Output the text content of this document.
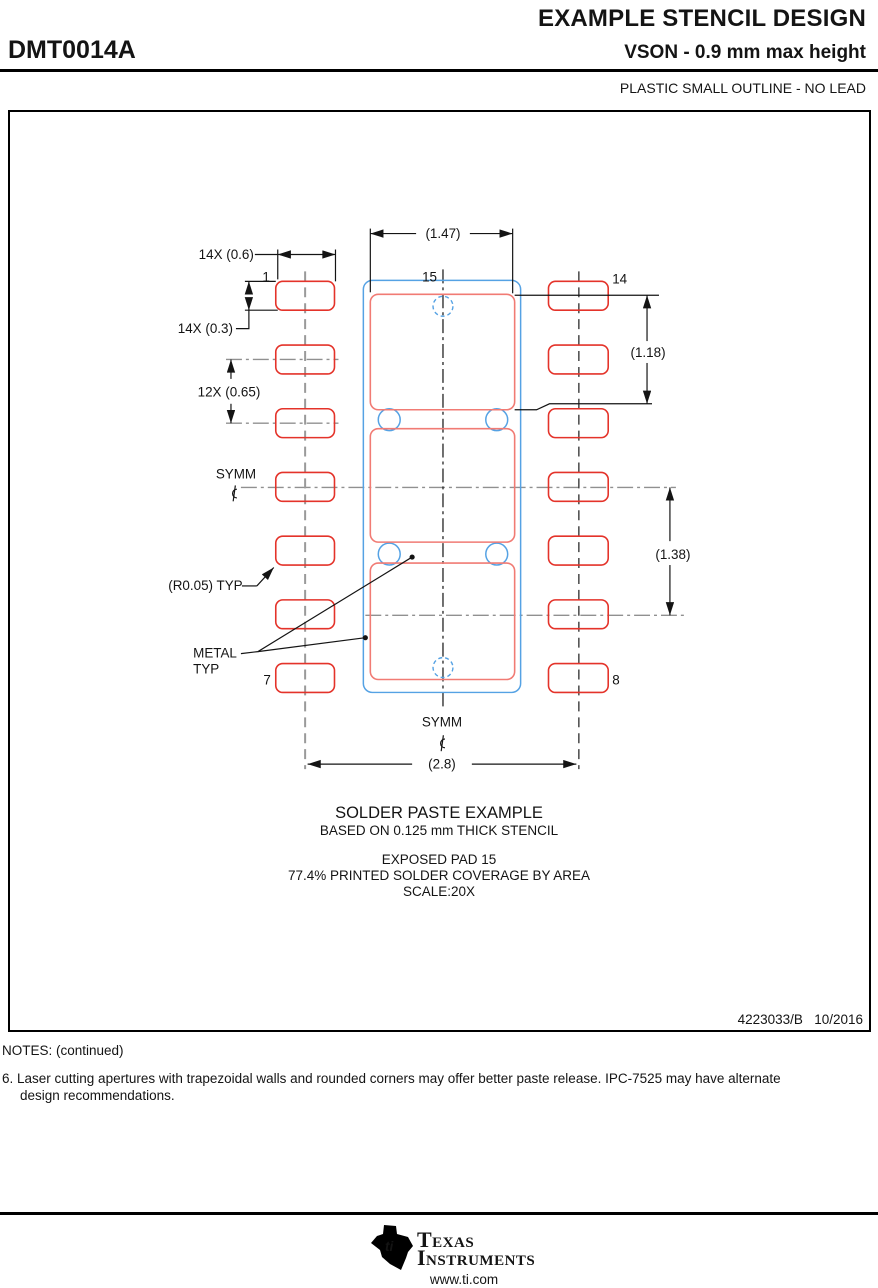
EXAMPLE STENCIL DESIGN
DMT0014A	VSON - 0.9 mm max height
PLASTIC SMALL OUTLINE - NO LEAD
(1.47)
14X (0.6)
14X (0.3)
12X (0.65)
(1.18)
(1.38)
(2.8)
1	15	14
7	8
SYMM
SYMM
(R0.05) TYP
METAL
TYP
SOLDER PASTE EXAMPLE
BASED ON 0.125 mm THICK STENCIL
EXPOSED PAD 15
77.4% PRINTED SOLDER COVERAGE BY AREA
SCALE:20X
4223033/B   10/2016
NOTES: (continued)
6. Laser cutting apertures with trapezoidal walls and rounded corners may offer better paste release. IPC-7525 may have alternate
design recommendations.
ti Texas
Instruments
www.ti.com
